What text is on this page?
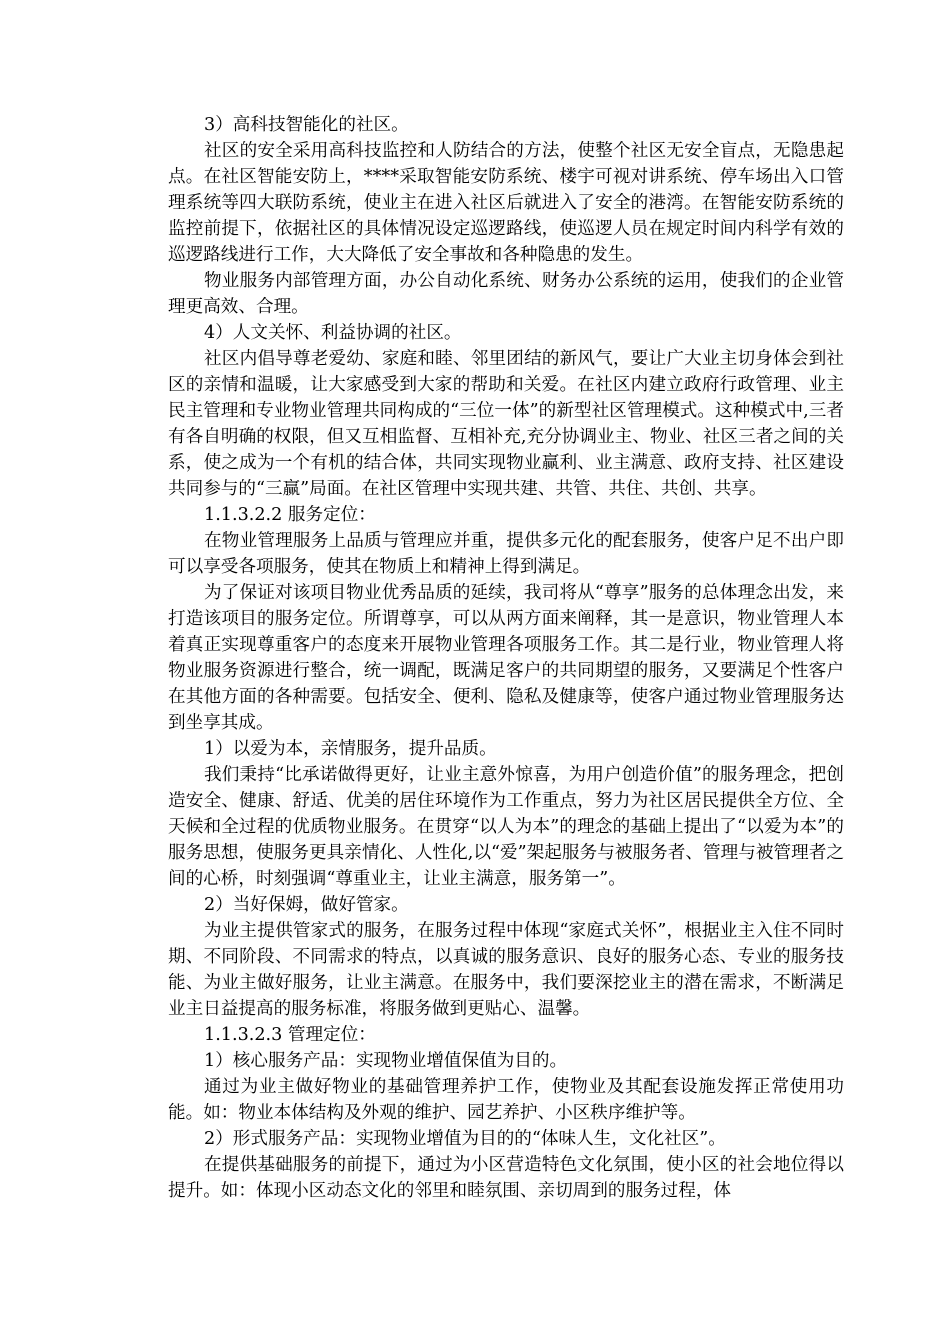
3）高科技智能化的社区。

社区的安全采用高科技监控和人防结合的方法，使整个社区无安全盲点，无隐患起点。在社区智能安防上，****采取智能安防系统、楼宇可视对讲系统、停车场出入口管理系统等四大联防系统，使业主在进入社区后就进入了安全的港湾。在智能安防系统的监控前提下，依据社区的具体情况设定巡逻路线，使巡逻人员在规定时间内科学有效的巡逻路线进行工作，大大降低了安全事故和各种隐患的发生。

物业服务内部管理方面，办公自动化系统、财务办公系统的运用，使我们的企业管理更高效、合理。

4）人文关怀、利益协调的社区。

社区内倡导尊老爱幼、家庭和睦、邻里团结的新风气，要让广大业主切身体会到社区的亲情和温暖，让大家感受到大家的帮助和关爱。在社区内建立政府行政管理、业主民主管理和专业物业管理共同构成的“三位一体”的新型社区管理模式。这种模式中,三者有各自明确的权限，但又互相监督、互相补充,充分协调业主、物业、社区三者之间的关系，使之成为一个有机的结合体，共同实现物业赢利、业主满意、政府支持、社区建设共同参与的“三赢”局面。在社区管理中实现共建、共管、共住、共创、共享。

1.1.3.2.2 服务定位：

在物业管理服务上品质与管理应并重，提供多元化的配套服务，使客户足不出户即可以享受各项服务，使其在物质上和精神上得到满足。

为了保证对该项目物业优秀品质的延续，我司将从“尊享”服务的总体理念出发，来打造该项目的服务定位。所谓尊享，可以从两方面来阐释，其一是意识，物业管理人本着真正实现尊重客户的态度来开展物业管理各项服务工作。其二是行业，物业管理人将物业服务资源进行整合，统一调配，既满足客户的共同期望的服务，又要满足个性客户在其他方面的各种需要。包括安全、便利、隐私及健康等，使客户通过物业管理服务达到坐享其成。

1）以爱为本，亲情服务，提升品质。

我们秉持“比承诺做得更好，让业主意外惊喜，为用户创造价值”的服务理念，把创造安全、健康、舒适、优美的居住环境作为工作重点，努力为社区居民提供全方位、全天候和全过程的优质物业服务。在贯穿“以人为本”的理念的基础上提出了“以爱为本”的服务思想，使服务更具亲情化、人性化,以“爱”架起服务与被服务者、管理与被管理者之间的心桥，时刻强调“尊重业主，让业主满意，服务第一”。

2）当好保姆，做好管家。

为业主提供管家式的服务，在服务过程中体现“家庭式关怀”，根据业主入住不同时期、不同阶段、不同需求的特点，以真诚的服务意识、良好的服务心态、专业的服务技能、为业主做好服务，让业主满意。在服务中，我们要深挖业主的潜在需求，不断满足业主日益提高的服务标准，将服务做到更贴心、温馨。

1.1.3.2.3 管理定位：

1）核心服务产品：实现物业增值保值为目的。

通过为业主做好物业的基础管理养护工作，使物业及其配套设施发挥正常使用功能。如：物业本体结构及外观的维护、园艺养护、小区秩序维护等。

2）形式服务产品：实现物业增值为目的的“体味人生，文化社区”。

在提供基础服务的前提下，通过为小区营造特色文化氛围，使小区的社会地位得以提升。如：体现小区动态文化的邻里和睦氛围、亲切周到的服务过程，体
